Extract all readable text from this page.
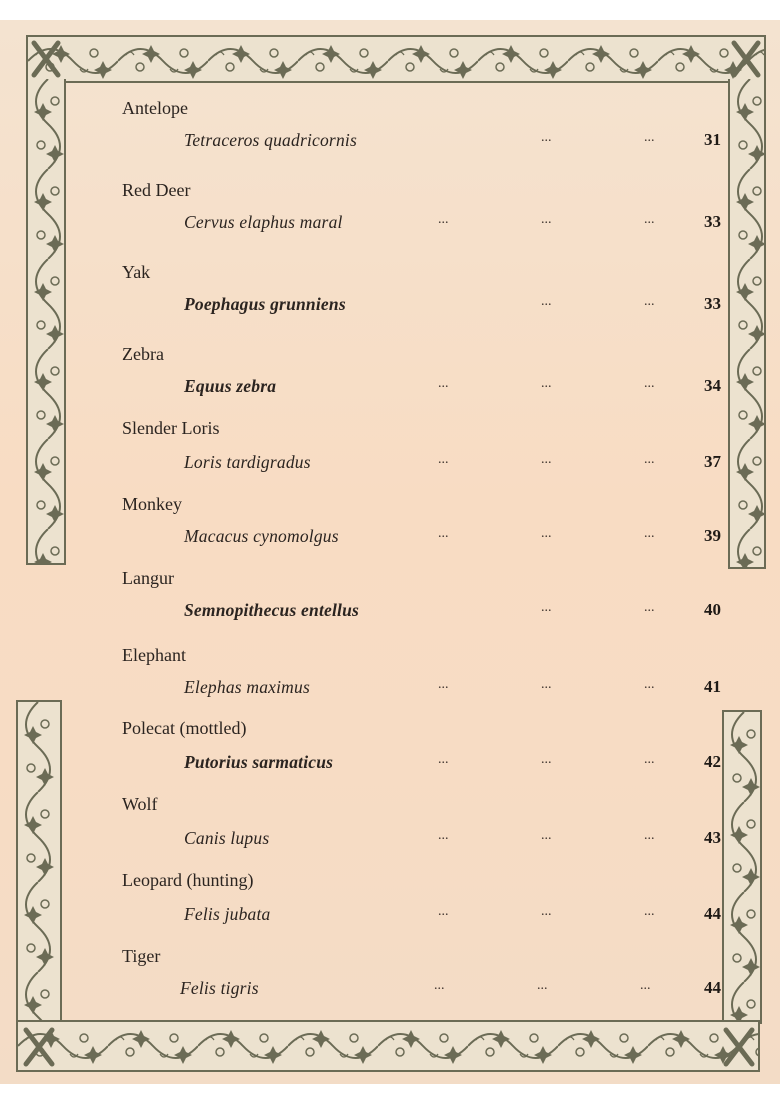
Antelope
Tetraceros quadricornis	...	...	31
Red Deer
Cervus elaphus maral	...	...	...	33
Yak
Poephagus grunniens	...	...	33
Zebra
Equus zebra	...	...	...	34
Slender Loris
Loris tardigradus	...	...	...	37
Monkey
Macacus cynomolgus	...	...	...	39
Langur
Semnopithecus entellus	...	...	40
Elephant
Elephas maximus	...	...	...	41
Polecat (mottled)
Putorius sarmaticus	...	...	...	42
Wolf
Canis lupus	...	...	...	43
Leopard (hunting)
Felis jubata	...	...	...	44
Tiger
Felis tigris	...	...	...	44
